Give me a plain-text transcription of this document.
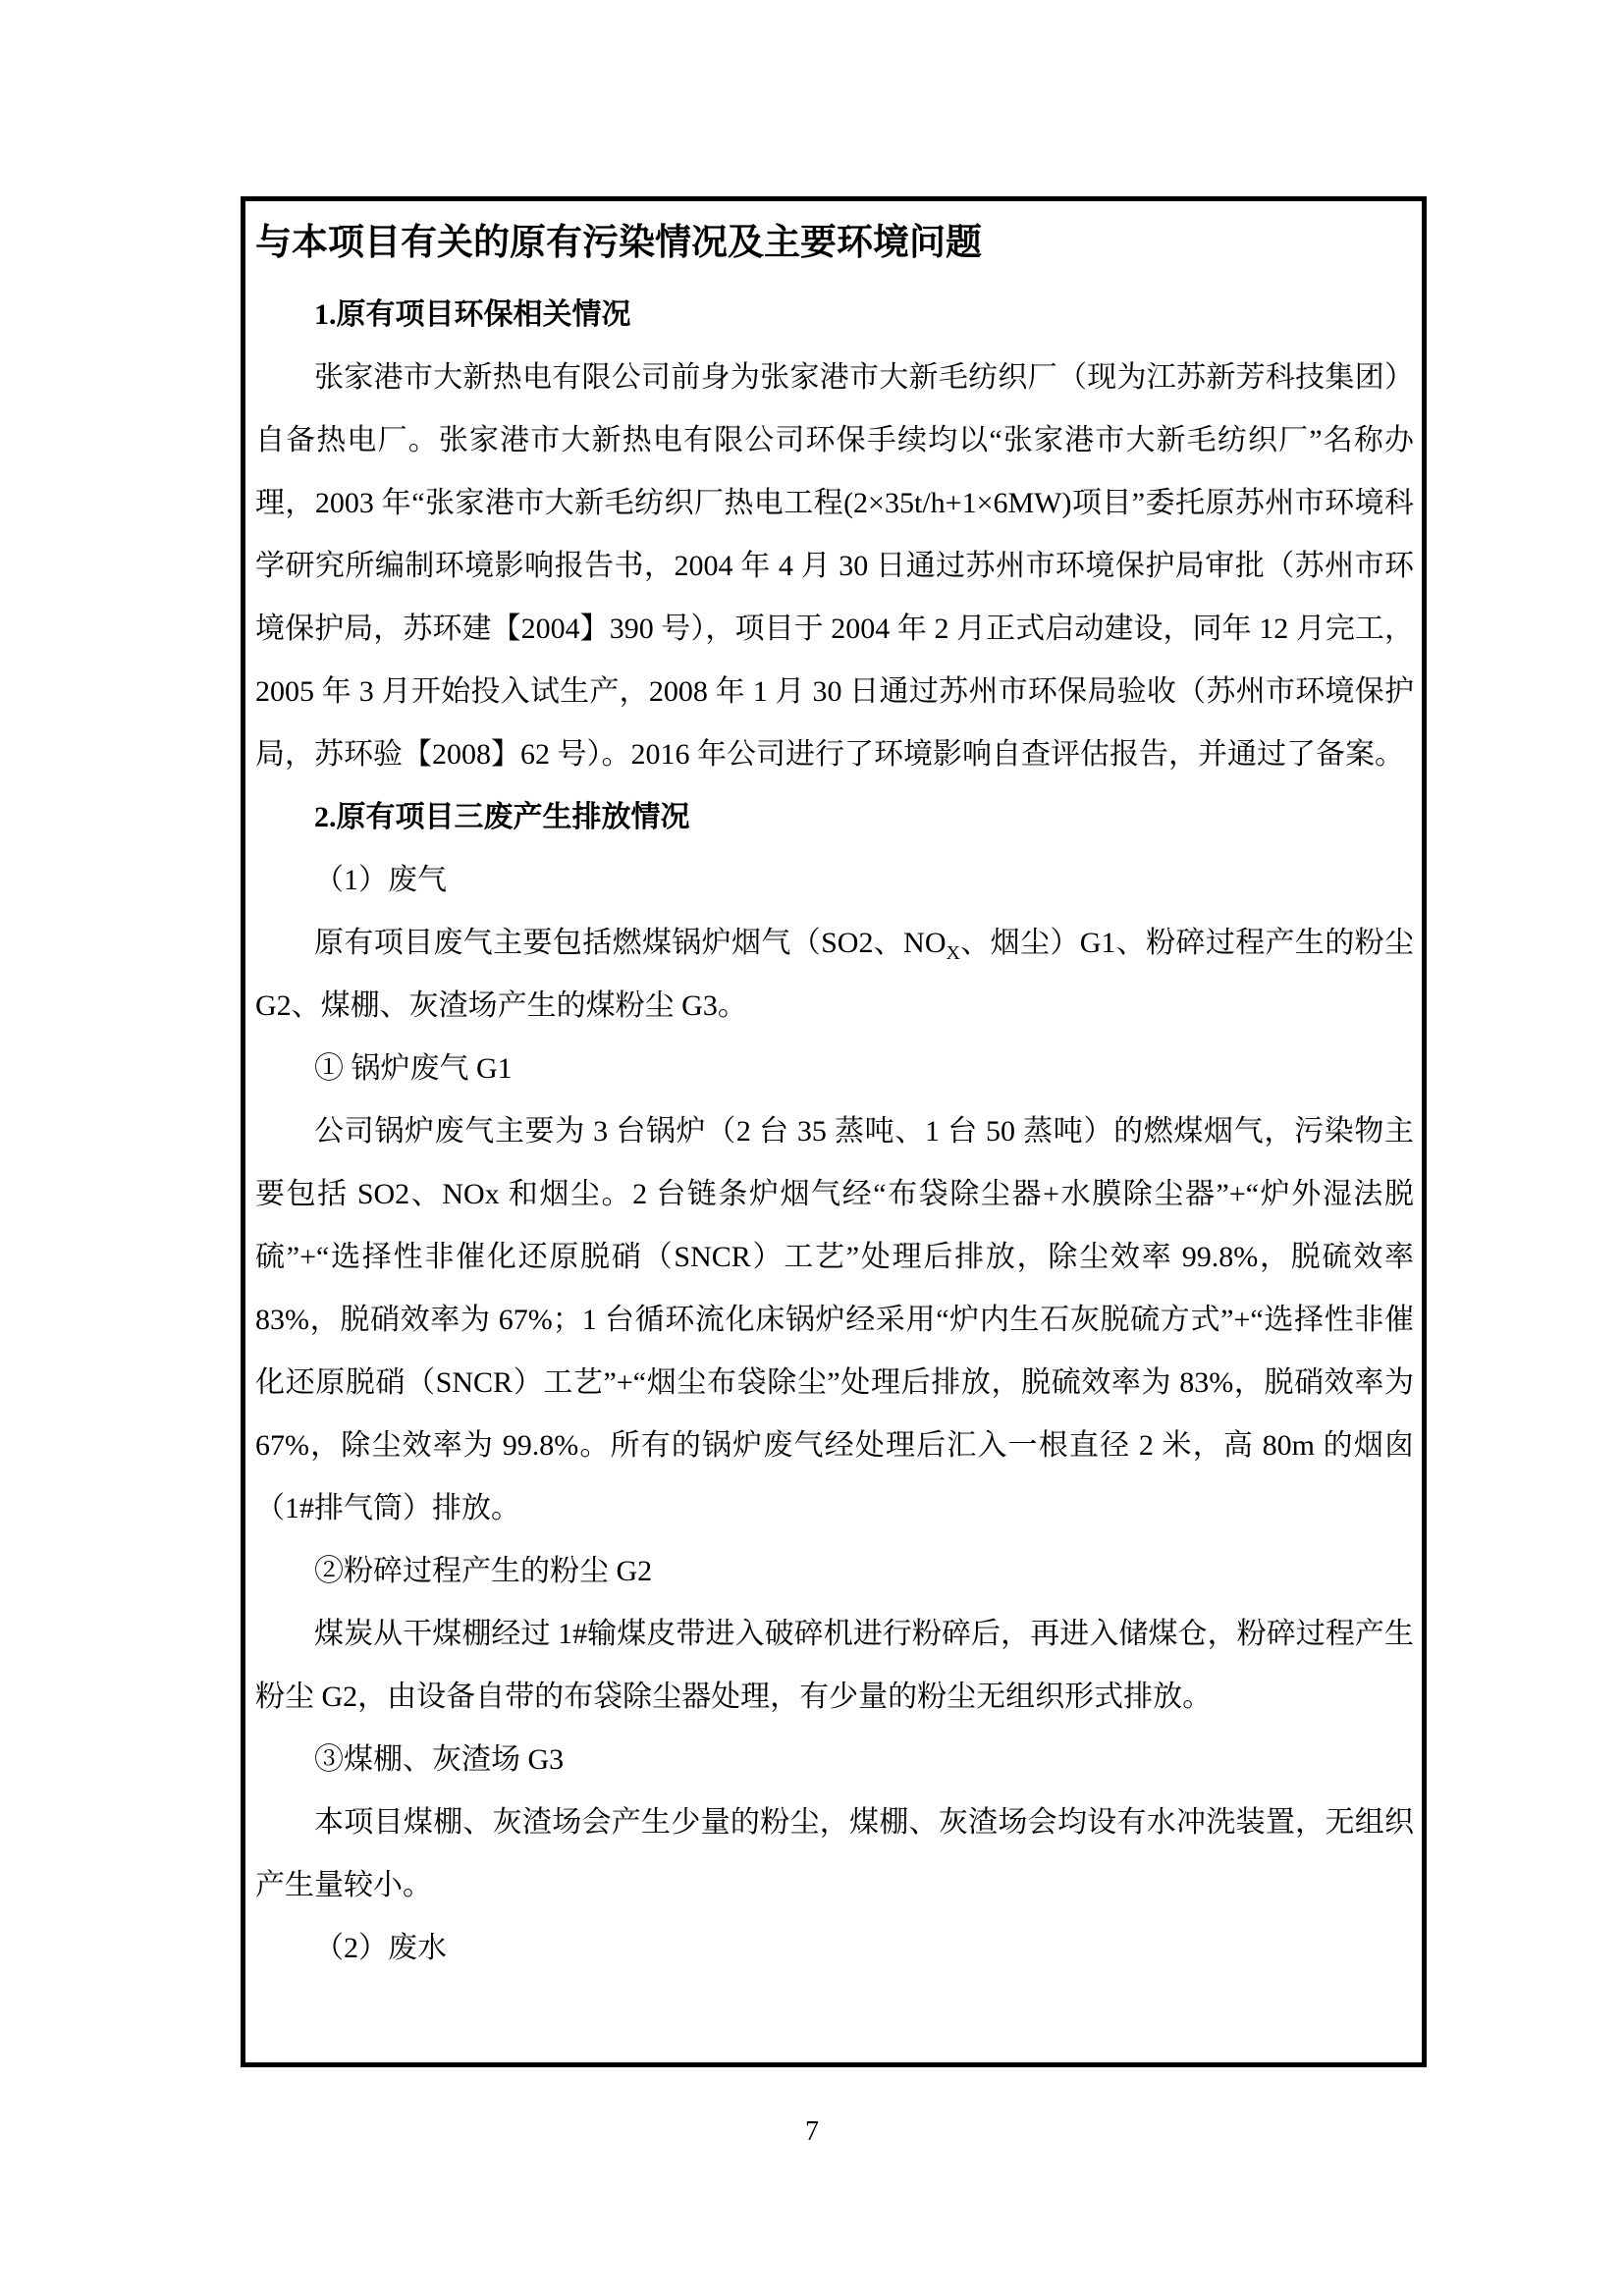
与本项目有关的原有污染情况及主要环境问题

1.原有项目环保相关情况

张家港市大新热电有限公司前身为张家港市大新毛纺织厂（现为江苏新芳科技集团）自备热电厂。张家港市大新热电有限公司环保手续均以“张家港市大新毛纺织厂”名称办理，2003 年“张家港市大新毛纺织厂热电工程(2×35t/h+1×6MW)项目”委托原苏州市环境科学研究所编制环境影响报告书，2004 年 4 月 30 日通过苏州市环境保护局审批（苏州市环境保护局，苏环建【2004】390 号），项目于 2004 年 2 月正式启动建设，同年 12 月完工，2005 年 3 月开始投入试生产，2008 年 1 月 30 日通过苏州市环保局验收（苏州市环境保护局，苏环验【2008】62 号）。2016 年公司进行了环境影响自查评估报告，并通过了备案。

2.原有项目三废产生排放情况

（1）废气

原有项目废气主要包括燃煤锅炉烟气（SO2、$NO_X$、烟尘）G1、粉碎过程产生的粉尘 G2、煤棚、灰渣场产生的煤粉尘 G3。

① 锅炉废气 G1

公司锅炉废气主要为 3 台锅炉（2 台 35 蒸吨、1 台 50 蒸吨）的燃煤烟气，污染物主要包括 SO2、NOx 和烟尘。2 台链条炉烟气经“布袋除尘器+水膜除尘器”+“炉外湿法脱硫”+“选择性非催化还原脱硝（SNCR）工艺”处理后排放，除尘效率 99.8%，脱硫效率 83%，脱硝效率为 67%；1 台循环流化床锅炉经采用“炉内生石灰脱硫方式”+“选择性非催化还原脱硝（SNCR）工艺”+“烟尘布袋除尘”处理后排放，脱硫效率为 83%，脱硝效率为 67%，除尘效率为 99.8%。所有的锅炉废气经处理后汇入一根直径 2 米，高 80m 的烟囱（1#排气筒）排放。

②粉碎过程产生的粉尘 G2

煤炭从干煤棚经过 1#输煤皮带进入破碎机进行粉碎后，再进入储煤仓，粉碎过程产生粉尘 G2，由设备自带的布袋除尘器处理，有少量的粉尘无组织形式排放。

③煤棚、灰渣场 G3

本项目煤棚、灰渣场会产生少量的粉尘，煤棚、灰渣场会均设有水冲洗装置，无组织产生量较小。

（2）废水

7
